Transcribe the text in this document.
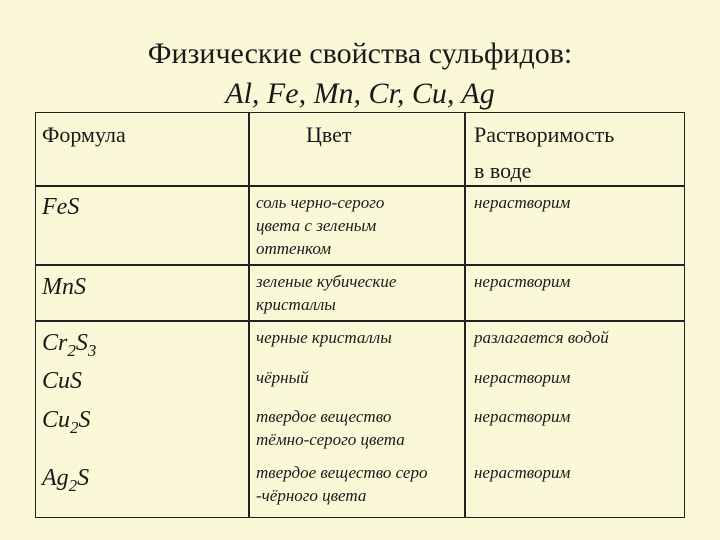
Физические свойства сульфидов:
Al, Fe, Mn, Cr, Cu, Ag
Формула	Цвет	Растворимость
в воде
FeS
MnS
$Cr_2S_3$
CuS
$Cu_2S$
$Ag_2S$
соль черно-серого
цвета с зеленым
оттенком
зеленые кубические
кристаллы
черные кристаллы
чёрный
твердое вещество
тёмно-серого цвета
твердое вещество серо
-чёрного цвета
нерастворим
нерастворим
разлагается водой
нерастворим
нерастворим
нерастворим
